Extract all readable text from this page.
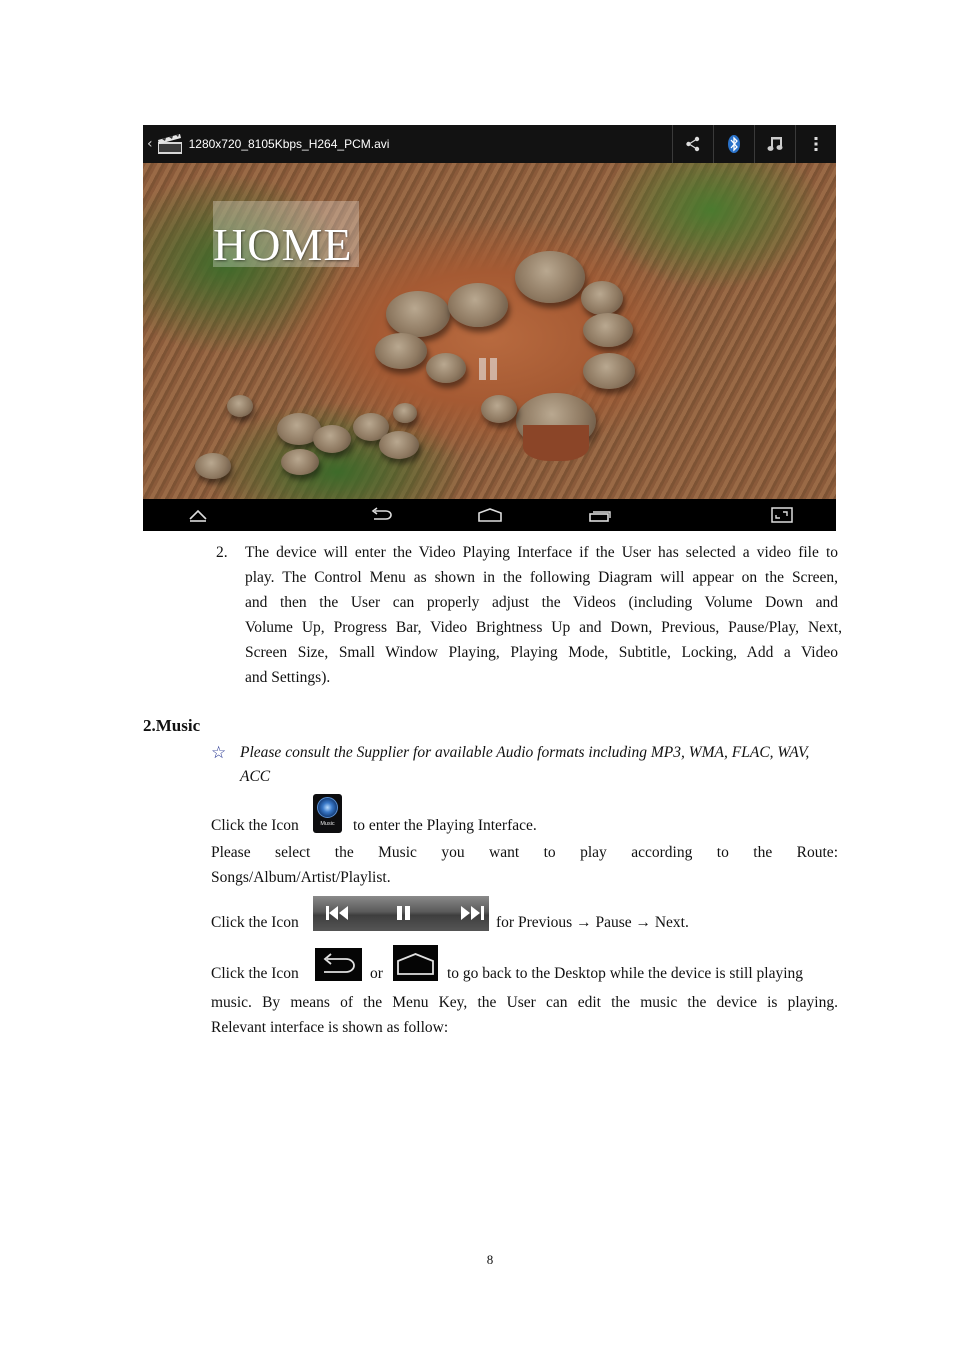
HOME
‹	1280x720_8105Kbps_H264_PCM.avi
2. The device will enter the Video Playing Interface if the User has selected a video file to
play. The Control Menu as shown in the following Diagram will appear on the Screen,
and then the User can properly adjust the Videos (including Volume Down and
Volume Up, Progress Bar, Video Brightness Up and Down, Previous, Pause/Play, Next,
Screen Size, Small Window Playing, Playing Mode, Subtitle, Locking, Add a Video
and Settings).
2.Music
☆ Please consult the Supplier for available Audio formats including MP3, WMA, FLAC, WAV, ACC
Click the Icon	Music	to enter the Playing Interface.
Please select the Music you want to play according to the Route:
Songs/Album/Artist/Playlist.
Click the Icon	for Previous → Pause → Next.
Click the Icon	or	to go back to the Desktop while the device is still playing
music. By means of the Menu Key, the User can edit the music the device is playing.
Relevant interface is shown as follow:
8
